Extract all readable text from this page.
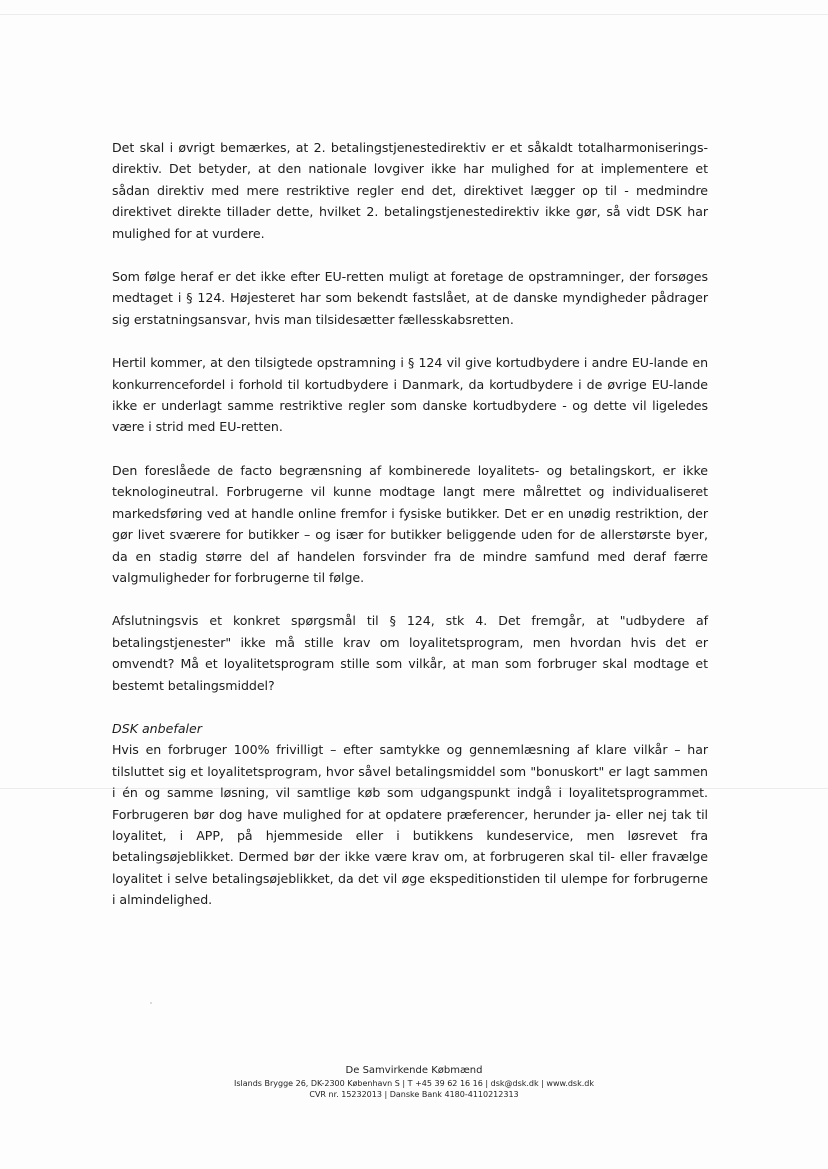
Det skal i øvrigt bemærkes, at 2. betalingstjenestedirektiv er et såkaldt totalharmoniserings-direktiv. Det betyder, at den nationale lovgiver ikke har mulighed for at implementere et sådan direktiv med mere restriktive regler end det, direktivet lægger op til - medmindre direktivet direkte tillader dette, hvilket 2. betalingstjenestedirektiv ikke gør, så vidt DSK har mulighed for at vurdere.

Som følge heraf er det ikke efter EU-retten muligt at foretage de opstramninger, der forsøges medtaget i § 124. Højesteret har som bekendt fastslået, at de danske myndigheder pådrager sig erstatningsansvar, hvis man tilsidesætter fællesskabsretten.

Hertil kommer, at den tilsigtede opstramning i § 124 vil give kortudbydere i andre EU-lande en konkurrencefordel i forhold til kortudbydere i Danmark, da kortudbydere i de øvrige EU-lande ikke er underlagt samme restriktive regler som danske kortudbydere - og dette vil ligeledes være i strid med EU-retten.

Den foreslåede de facto begrænsning af kombinerede loyalitets- og betalingskort, er ikke teknologineutral. Forbrugerne vil kunne modtage langt mere målrettet og individualiseret markedsføring ved at handle online fremfor i fysiske butikker. Det er en unødig restriktion, der gør livet sværere for butikker – og især for butikker beliggende uden for de allerstørste byer, da en stadig større del af handelen forsvinder fra de mindre samfund med deraf færre valgmuligheder for forbrugerne til følge.

Afslutningsvis et konkret spørgsmål til § 124, stk 4. Det fremgår, at "udbydere af betalingstjenester" ikke må stille krav om loyalitetsprogram, men hvordan hvis det er omvendt? Må et loyalitetsprogram stille som vilkår, at man som forbruger skal modtage et bestemt betalingsmiddel?

DSK anbefaler

Hvis en forbruger 100% frivilligt – efter samtykke og gennemlæsning af klare vilkår – har tilsluttet sig et loyalitetsprogram, hvor såvel betalingsmiddel som "bonuskort" er lagt sammen i én og samme løsning, vil samtlige køb som udgangspunkt indgå i loyalitetsprogrammet. Forbrugeren bør dog have mulighed for at opdatere præferencer, herunder ja- eller nej tak til loyalitet, i APP, på hjemmeside eller i butikkens kundeservice, men løsrevet fra betalingsøjeblikket. Dermed bør der ikke være krav om, at forbrugeren skal til- eller fravælge loyalitet i selve betalingsøjeblikket, da det vil øge ekspeditionstiden til ulempe for forbrugerne i almindelighed.

De Samvirkende Købmænd
Islands Brygge 26, DK-2300 København S | T +45 39 62 16 16 | dsk@dsk.dk | www.dsk.dk
CVR nr. 15232013 | Danske Bank 4180-4110212313
